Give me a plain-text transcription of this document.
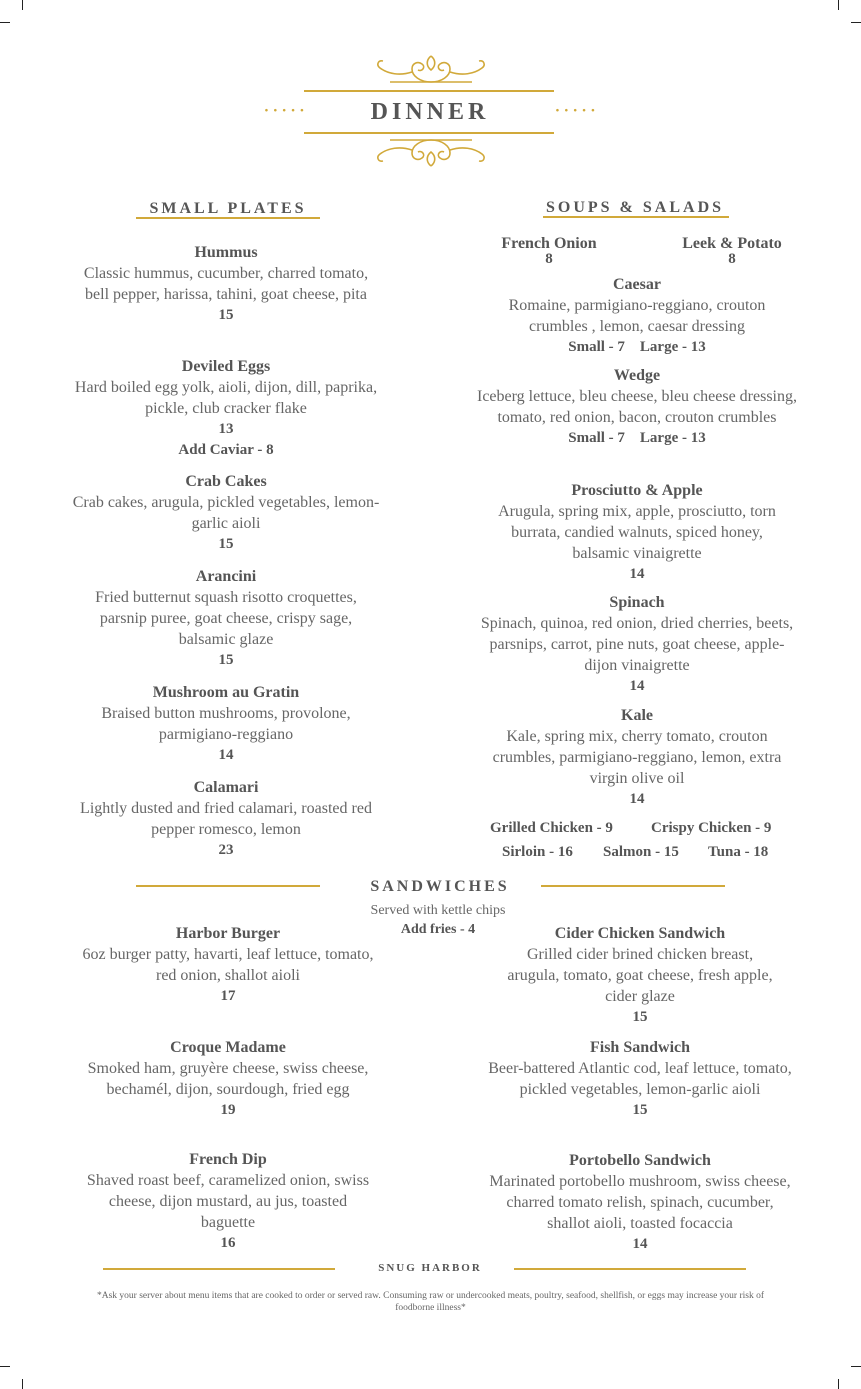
·····	DINNER	·····
SMALL PLATES	SOUPS & SALADS
Hummus
Classic hummus, cucumber, charred tomato, bell pepper, harissa, tahini, goat cheese, pita
15
Deviled Eggs
Hard boiled egg yolk, aioli, dijon, dill, paprika, pickle, club cracker flake
13
Add Caviar - 8
Crab Cakes
Crab cakes, arugula, pickled vegetables, lemon-garlic aioli
15
Arancini
Fried butternut squash risotto croquettes, parsnip puree, goat cheese, crispy sage, balsamic glaze
15
Mushroom au Gratin
Braised button mushrooms, provolone, parmigiano-reggiano
14
Calamari
Lightly dusted and fried calamari, roasted red pepper romesco, lemon
23
French Onion
8
Leek & Potato
8
Caesar
Romaine, parmigiano-reggiano, crouton crumbles , lemon, caesar dressing
Small - 7    Large - 13
Wedge
Iceberg lettuce, bleu cheese, bleu cheese dressing, tomato, red onion, bacon, crouton crumbles
Small - 7    Large - 13
Prosciutto & Apple
Arugula, spring mix, apple, prosciutto, torn burrata, candied walnuts, spiced honey, balsamic vinaigrette
14
Spinach
Spinach, quinoa, red onion, dried cherries, beets, parsnips, carrot, pine nuts, goat cheese, apple-dijon vinaigrette
14
Kale
Kale, spring mix, cherry tomato, crouton crumbles, parmigiano-reggiano, lemon, extra virgin olive oil
14
Grilled Chicken - 9	Crispy Chicken - 9
Sirloin - 16 Salmon - 15 Tuna - 18
SANDWICHES
Served with kettle chips
Add fries - 4
Harbor Burger
6oz burger patty, havarti, leaf lettuce, tomato, red onion, shallot aioli
17
Croque Madame
Smoked ham, gruyère cheese, swiss cheese, bechamél, dijon, sourdough, fried egg
19
French Dip
Shaved roast beef, caramelized onion, swiss cheese, dijon mustard, au jus, toasted baguette
16
Cider Chicken Sandwich
Grilled cider brined chicken breast, arugula, tomato, goat cheese, fresh apple, cider glaze
15
Fish Sandwich
Beer-battered Atlantic cod, leaf lettuce, tomato, pickled vegetables, lemon-garlic aioli
15
Portobello Sandwich
Marinated portobello mushroom, swiss cheese, charred tomato relish, spinach, cucumber, shallot aioli, toasted focaccia
14
SNUG HARBOR
*Ask your server about menu items that are cooked to order or served raw. Consuming raw or undercooked meats, poultry, seafood, shellfish, or eggs may increase your risk of foodborne illness*
